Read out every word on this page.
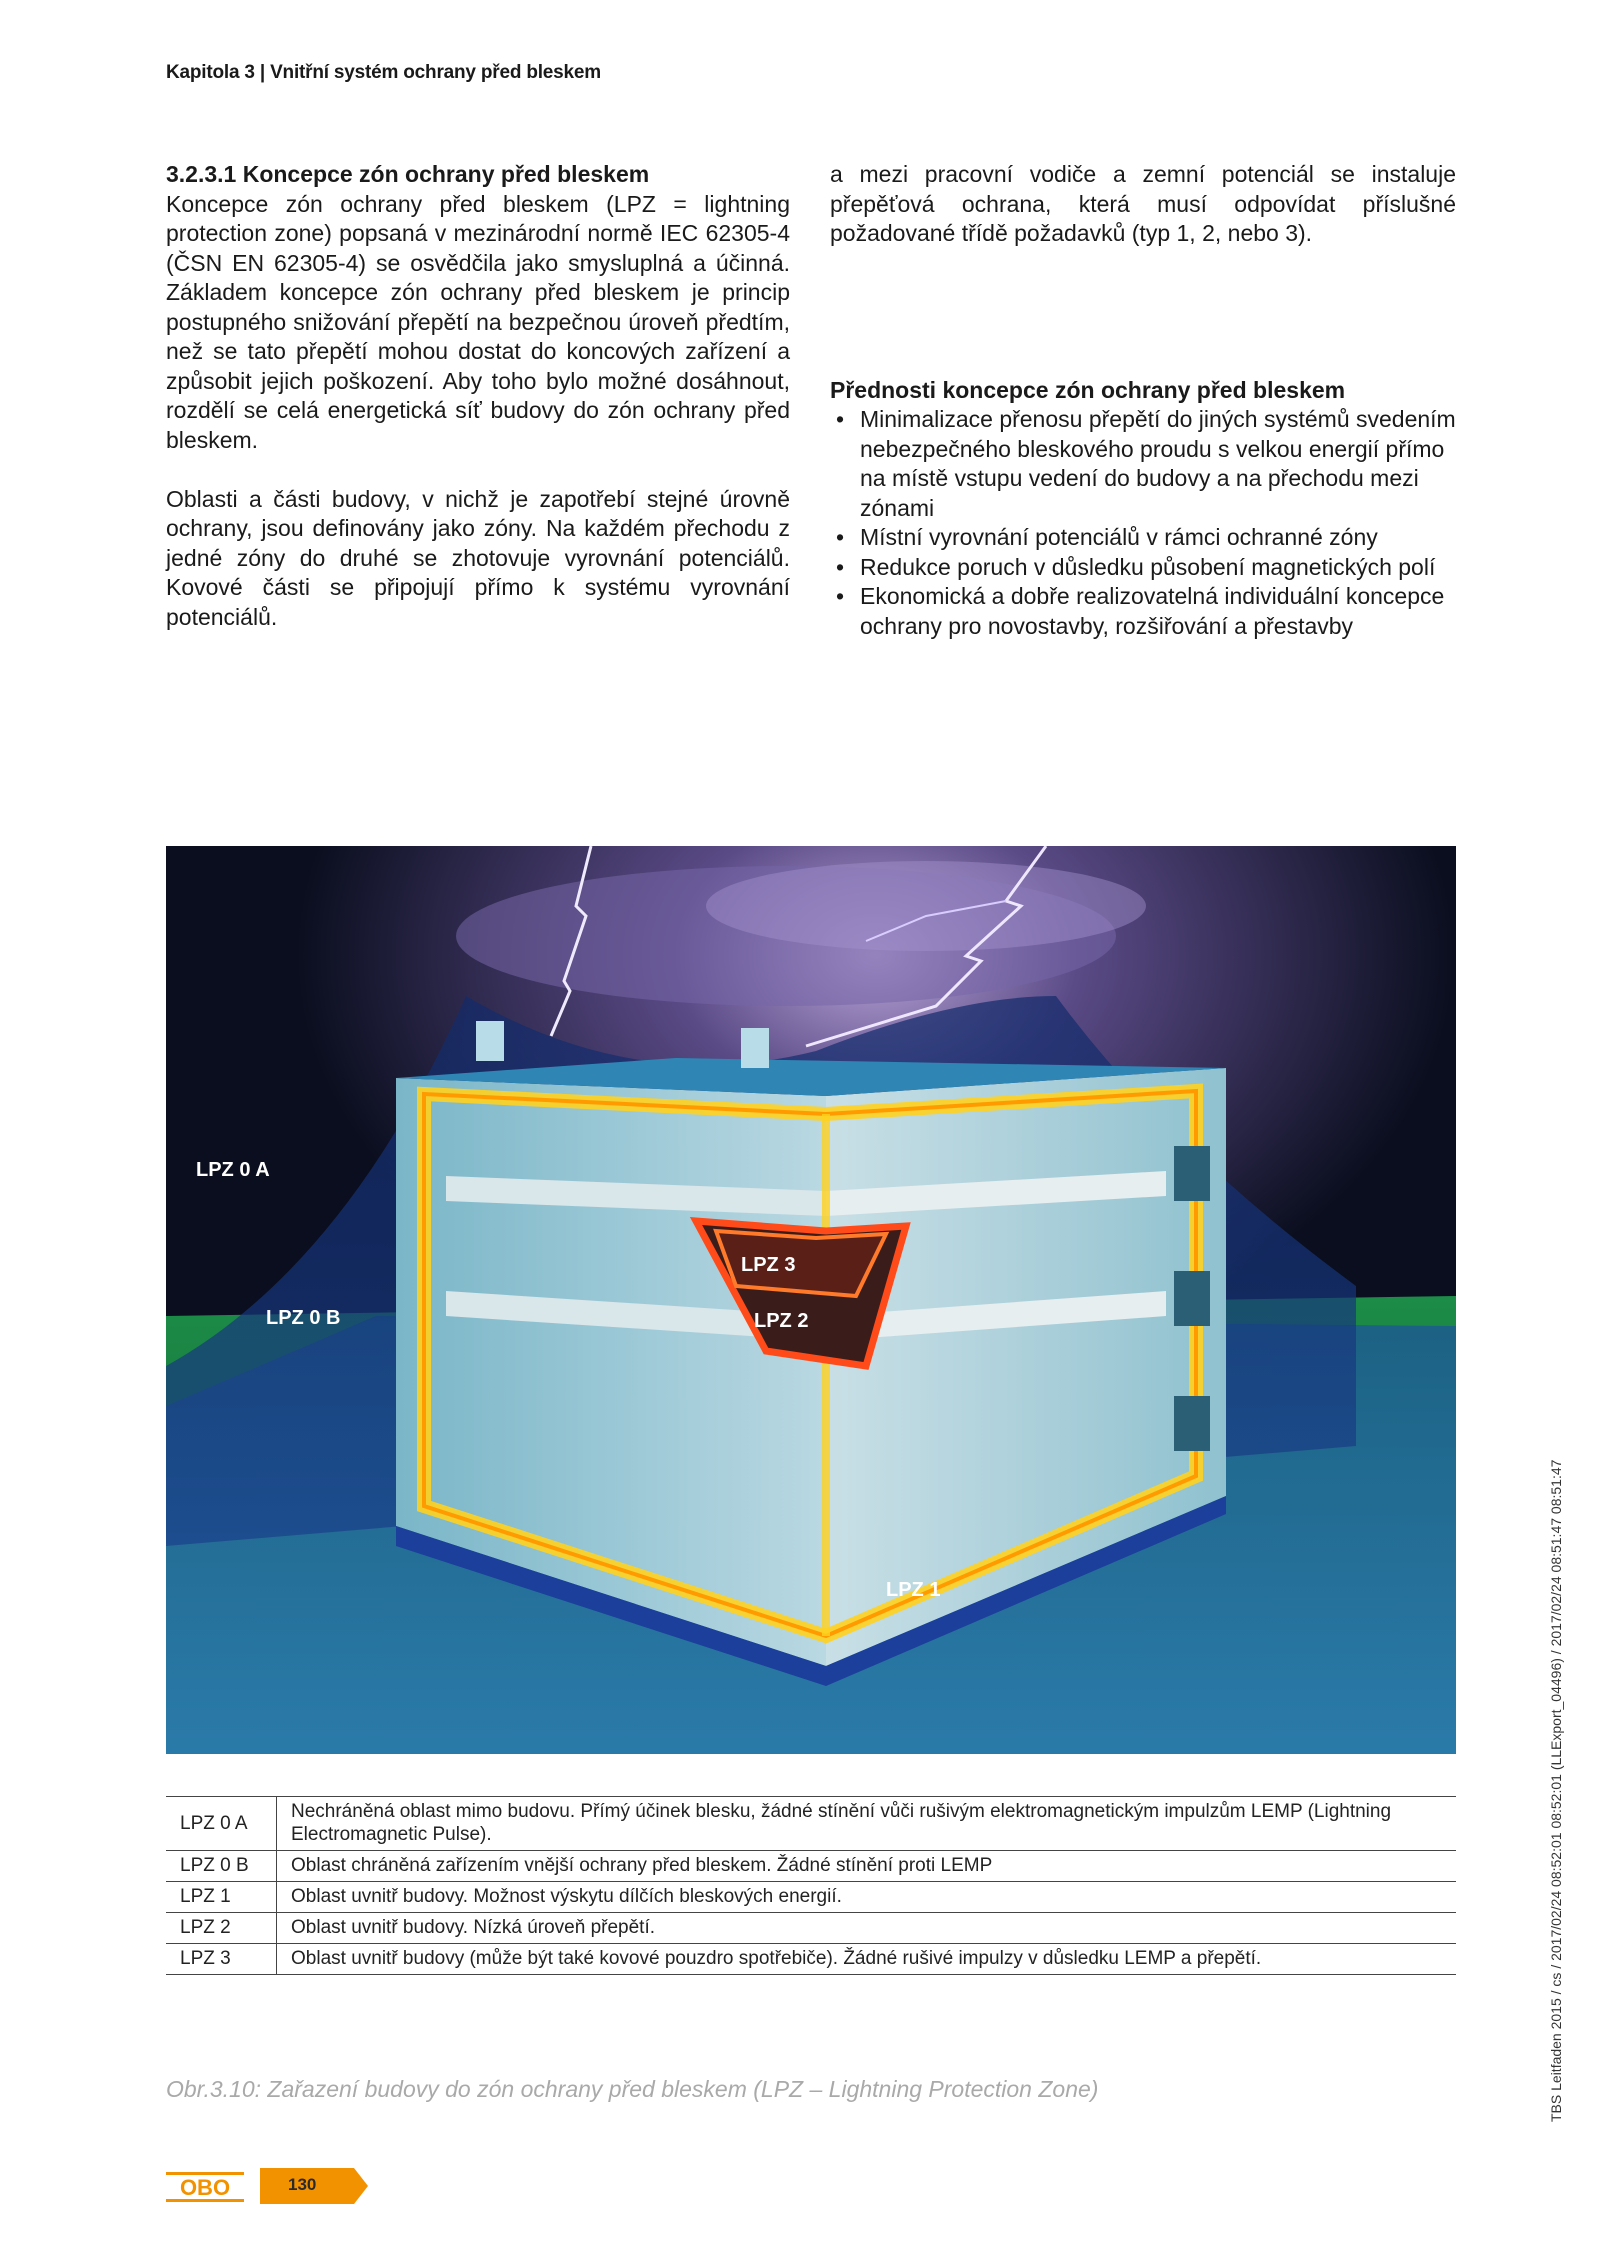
Kapitola 3 | Vnitřní systém ochrany před bleskem

3.2.3.1 Koncepce zón ochrany před bleskem

Koncepce zón ochrany před bleskem (LPZ = lightning protection zone) popsaná v mezinárodní normě IEC 62305-4 (ČSN EN 62305-4) se osvědčila jako smysluplná a účinná. Základem koncepce zón ochrany před bleskem je princip postupného snižování přepětí na bezpečnou úroveň předtím, než se tato přepětí mohou dostat do koncových zařízení a způsobit jejich poškození. Aby toho bylo možné dosáhnout, rozdělí se celá energetická síť budovy do zón ochrany před bleskem.

Oblasti a části budovy, v nichž je zapotřebí stejné úrovně ochrany, jsou definovány jako zóny. Na každém přechodu z jedné zóny do druhé se zhotovuje vyrovnání potenciálů. Kovové části se připojují přímo k systému vyrovnání potenciálů.

a mezi pracovní vodiče a zemní potenciál se instaluje přepěťová ochrana, která musí odpovídat příslušné požadované třídě požadavků (typ 1, 2, nebo 3).

Přednosti koncepce zón ochrany před bleskem

• Minimalizace přenosu přepětí do jiných systémů svedením nebezpečného bleskového proudu s velkou energií přímo na místě vstupu vedení do budovy a na přechodu mezi zónami
• Místní vyrovnání potenciálů v rámci ochranné zóny
• Redukce poruch v důsledku působení magnetických polí
• Ekonomická a dobře realizovatelná individuální koncepce ochrany pro novostavby, rozšiřování a přestavby
LPZ 0 A
LPZ 0 B
LPZ 3
LPZ 2
LPZ 1
LPZ 0 A	Nechráněná oblast mimo budovu. Přímý účinek blesku, žádné stínění vůči rušivým elektromagnetickým impulzům LEMP (Lightning Electromagnetic Pulse).
LPZ 0 B	Oblast chráněná zařízením vnější ochrany před bleskem. Žádné stínění proti LEMP
LPZ 1	Oblast uvnitř budovy. Možnost výskytu dílčích bleskových energií.
LPZ 2	Oblast uvnitř budovy. Nízká úroveň přepětí.
LPZ 3	Oblast uvnitř budovy (může být také kovové pouzdro spotřebiče). Žádné rušivé impulzy v důsledku LEMP a přepětí.
Obr.3.10: Zařazení budovy do zón ochrany před bleskem (LPZ – Lightning Protection Zone)	TBS Leitfaden 2015 / cs / 2017/02/24 08:52:01 08:52:01 (LLExport_04496) / 2017/02/24 08:51:47 08:51:47
OBO	130
